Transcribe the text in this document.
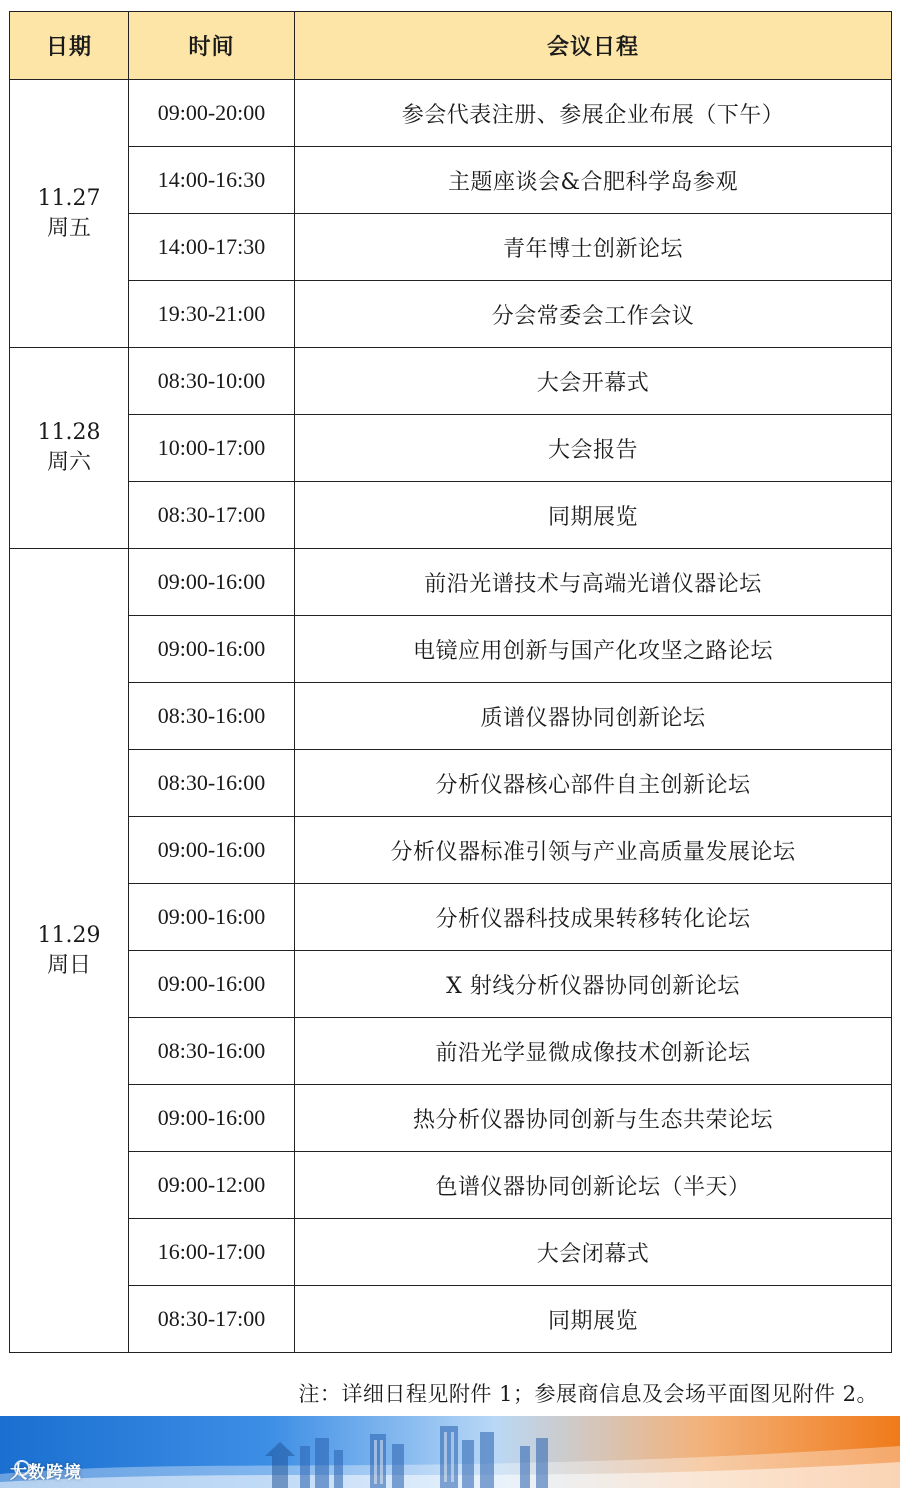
日期	时间	会议日程

11.27
周五	09:00-20:00	参会代表注册、参展企业布展（下午）
	14:00-16:30	主题座谈会&合肥科学岛参观
	14:00-17:30	青年博士创新论坛
	19:30-21:00	分会常委会工作会议

11.28
周六	08:30-10:00	大会开幕式
	10:00-17:00	大会报告
	08:30-17:00	同期展览

11.29
周日	09:00-16:00	前沿光谱技术与高端光谱仪器论坛
	09:00-16:00	电镜应用创新与国产化攻坚之路论坛
	08:30-16:00	质谱仪器协同创新论坛
	08:30-16:00	分析仪器核心部件自主创新论坛
	09:00-16:00	分析仪器标准引领与产业高质量发展论坛
	09:00-16:00	分析仪器科技成果转移转化论坛
	09:00-16:00	X 射线分析仪器协同创新论坛
	08:30-16:00	前沿光学显微成像技术创新论坛
	09:00-16:00	热分析仪器协同创新与生态共荣论坛
	09:00-12:00	色谱仪器协同创新论坛（半天）
	16:00-17:00	大会闭幕式
	08:30-17:00	同期展览
注：详细日程见附件 1；参展商信息及会场平面图见附件 2。
大数跨境
